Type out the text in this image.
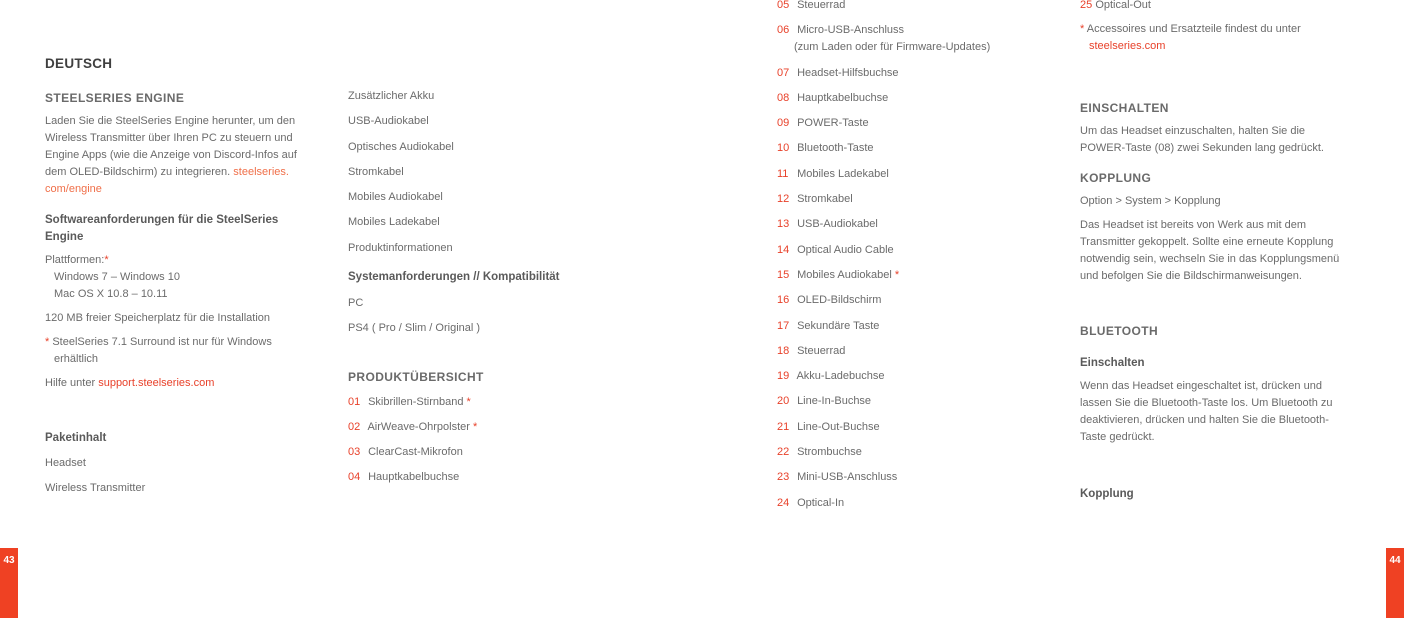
DEUTSCH
STEELSERIES ENGINE
Laden Sie die SteelSeries Engine herunter, um den
Wireless Transmitter über Ihren PC zu steuern und
Engine Apps (wie die Anzeige von Discord-Infos auf
dem OLED-Bildschirm) zu integrieren. steelseries.
com/engine
Softwareanforderungen für die SteelSeries
Engine
Plattformen:*
Windows 7 – Windows 10
Mac OS X 10.8 – 10.11
120 MB freier Speicherplatz für die Installation
* SteelSeries 7.1 Surround ist nur für Windows
erhältlich
Hilfe unter support.steelseries.com
Paketinhalt
Headset
Wireless Transmitter
Zusätzlicher Akku
USB-Audiokabel
Optisches Audiokabel
Stromkabel
Mobiles Audiokabel
Mobiles Ladekabel
Produktinformationen
Systemanforderungen // Kompatibilität
PC
PS4 ( Pro / Slim / Original )
PRODUKTÜBERSICHT
01 Skibrillen-Stirnband *
02 AirWeave-Ohrpolster *
03 ClearCast-Mikrofon
04 Hauptkabelbuchse
05 Steuerrad
06 Micro-USB-Anschluss
(zum Laden oder für Firmware-Updates)
07 Headset-Hilfsbuchse
08 Hauptkabelbuchse
09 POWER-Taste
10 Bluetooth-Taste
11 Mobiles Ladekabel
12 Stromkabel
13 USB-Audiokabel
14 Optical Audio Cable
15 Mobiles Audiokabel *
16 OLED-Bildschirm
17 Sekundäre Taste
18 Steuerrad
19 Akku-Ladebuchse
20 Line-In-Buchse
21 Line-Out-Buchse
22 Strombuchse
23 Mini-USB-Anschluss
24 Optical-In
25 Optical-Out
* Accessoires und Ersatzteile findest du unter
steelseries.com
EINSCHALTEN
Um das Headset einzuschalten, halten Sie die
POWER-Taste (08) zwei Sekunden lang gedrückt.
KOPPLUNG
Option > System > Kopplung
Das Headset ist bereits von Werk aus mit dem
Transmitter gekoppelt. Sollte eine erneute Kopplung
notwendig sein, wechseln Sie in das Kopplungsmenü
und befolgen Sie die Bildschirmanweisungen.
BLUETOOTH
Einschalten
Wenn das Headset eingeschaltet ist, drücken und
lassen Sie die Bluetooth-Taste los. Um Bluetooth zu
deaktivieren, drücken und halten Sie die Bluetooth-
Taste gedrückt.
Kopplung
43	44
